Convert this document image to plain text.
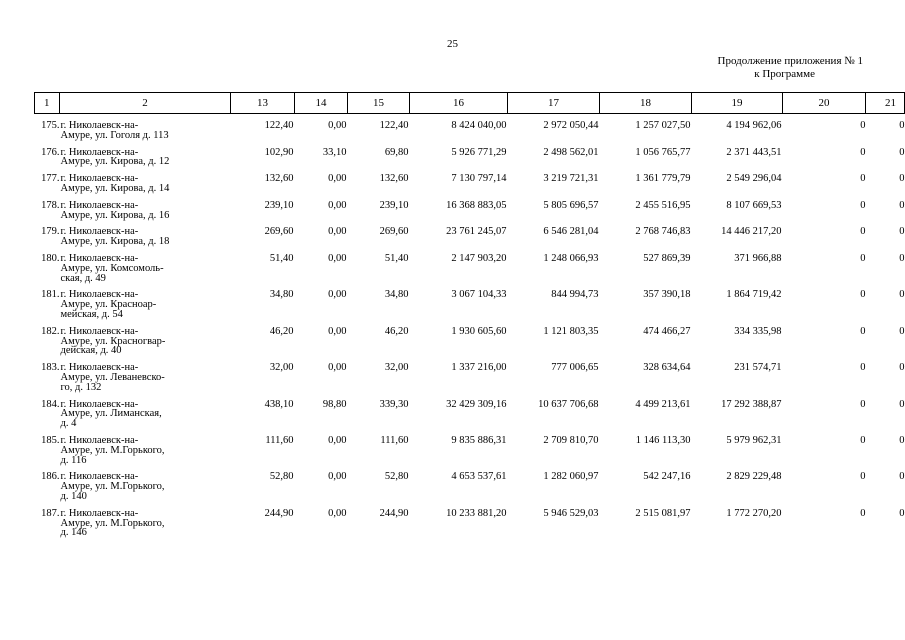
25
Продолжение приложения № 1
к Программе
1	2	13	14	15	16	17	18	19	20	21
175.	г. Николаевск-на-
Амуре, ул. Гоголя д. 113	122,40	0,00	122,40	8 424 040,00	2 972 050,44	1 257 027,50	4 194 962,06	0	0
176.	г. Николаевск-на-
Амуре, ул. Кирова, д. 12	102,90	33,10	69,80	5 926 771,29	2 498 562,01	1 056 765,77	2 371 443,51	0	0
177.	г. Николаевск-на-
Амуре, ул. Кирова, д. 14	132,60	0,00	132,60	7 130 797,14	3 219 721,31	1 361 779,79	2 549 296,04	0	0
178.	г. Николаевск-на-
Амуре, ул. Кирова, д. 16	239,10	0,00	239,10	16 368 883,05	5 805 696,57	2 455 516,95	8 107 669,53	0	0
179.	г. Николаевск-на-
Амуре, ул. Кирова, д. 18	269,60	0,00	269,60	23 761 245,07	6 546 281,04	2 768 746,83	14 446 217,20	0	0
180.	г. Николаевск-на-
Амуре, ул. Комсомоль-
ская, д. 49	51,40	0,00	51,40	2 147 903,20	1 248 066,93	527 869,39	371 966,88	0	0
181.	г. Николаевск-на-
Амуре, ул. Красноар-
мейская, д. 54	34,80	0,00	34,80	3 067 104,33	844 994,73	357 390,18	1 864 719,42	0	0
182.	г. Николаевск-на-
Амуре, ул. Красногвар-
дейская, д. 40	46,20	0,00	46,20	1 930 605,60	1 121 803,35	474 466,27	334 335,98	0	0
183.	г. Николаевск-на-
Амуре, ул. Леваневско-
го, д. 132	32,00	0,00	32,00	1 337 216,00	777 006,65	328 634,64	231 574,71	0	0
184.	г. Николаевск-на-
Амуре, ул. Лиманская,
д. 4	438,10	98,80	339,30	32 429 309,16	10 637 706,68	4 499 213,61	17 292 388,87	0	0
185.	г. Николаевск-на-
Амуре, ул. М.Горького,
д. 116	111,60	0,00	111,60	9 835 886,31	2 709 810,70	1 146 113,30	5 979 962,31	0	0
186.	г. Николаевск-на-
Амуре, ул. М.Горького,
д. 140	52,80	0,00	52,80	4 653 537,61	1 282 060,97	542 247,16	2 829 229,48	0	0
187.	г. Николаевск-на-
Амуре, ул. М.Горького,
д. 146	244,90	0,00	244,90	10 233 881,20	5 946 529,03	2 515 081,97	1 772 270,20	0	0
